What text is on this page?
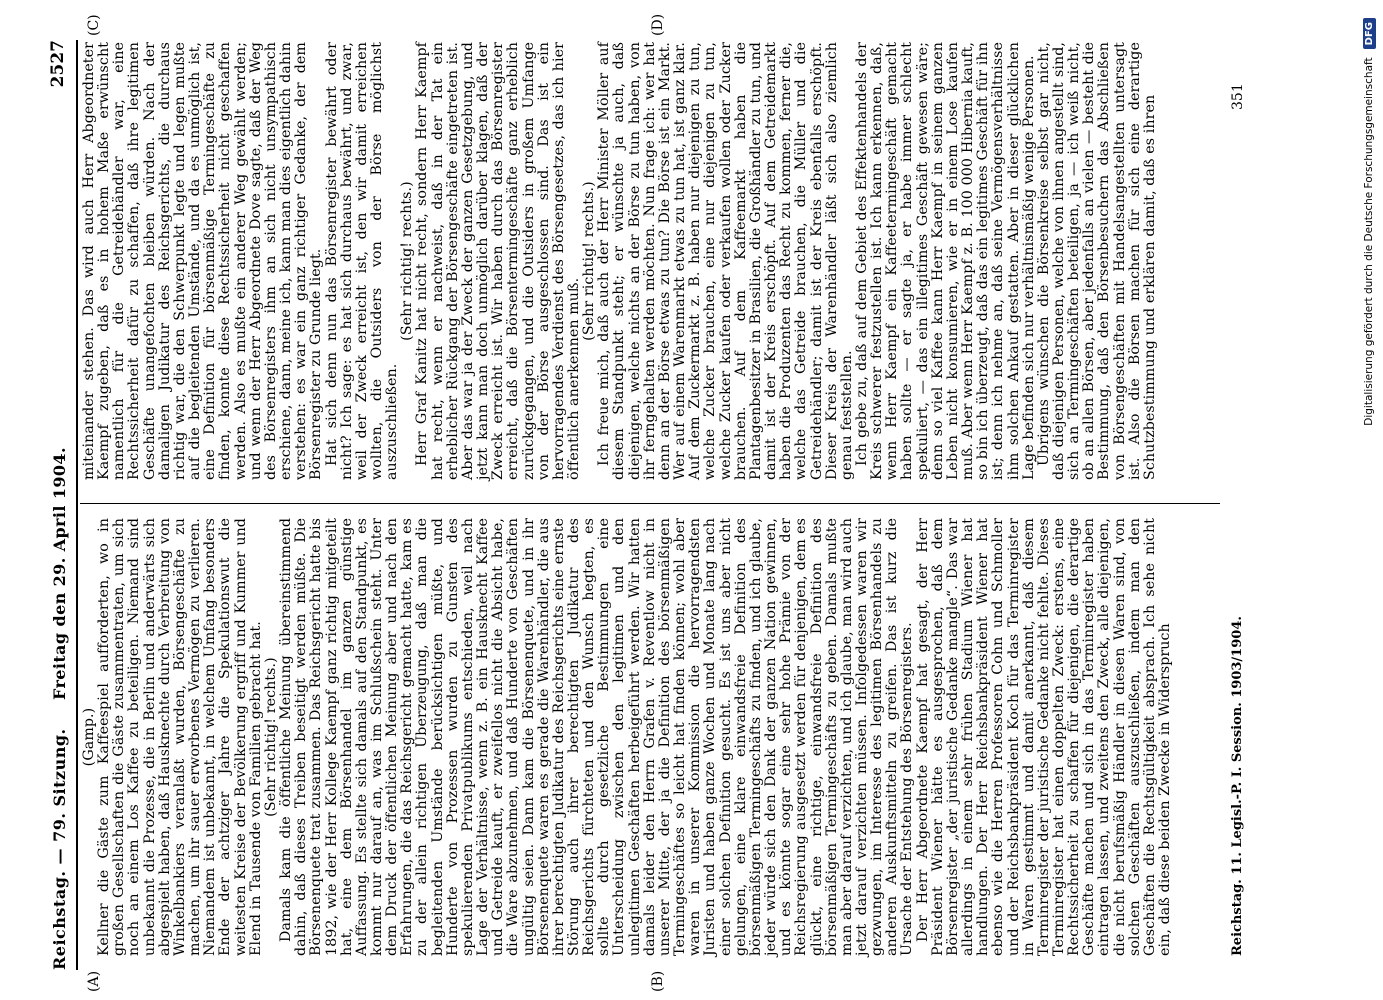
Reichstag. — 79. Sitzung.
Freitag den 29. April 1904.
2527
(A)	(B)
(C)	(D)

(Gamp.) Kellner die Gäste zum Kaffeespiel aufforderten, wo in großen Gesellschaften die Gäste zusammentraten, um sich noch an einem Los Kaffee zu beteiligen. Niemand sind unbekannt die Prozesse, die in Berlin und anderwärts sich abgespielt haben, daß Hausknechte durch Verbreitung von Winkelbankiers veranlaßt wurden, Börsengeschäfte zu machen, um ihr sauer erworbenes Vermögen zu verlieren. Niemandem ist unbekannt, in welchem Umfang besonders Ende der achtziger Jahre die Spekulationswut die weitesten Kreise der Bevölkerung ergriff und Kummer und Elend in Tausende von Familien gebracht hat. (Sehr richtig! rechts.) Damals kam die öffentliche Meinung übereinstimmend dahin, daß dieses Treiben beseitigt werden müßte. Die Börsenenquete trat zusammen. Das Reichsgericht hatte bis 1892, wie der Herr Kollege Kaempf ganz richtig mitgeteilt hat, eine dem Börsenhandel im ganzen günstige Auffassung. Es stellte sich damals auf den Standpunkt, es kommt nur darauf an, was im Schlußschein steht. Unter dem Druck der öffentlichen Meinung aber und nach den Erfahrungen, die das Reichsgericht gemacht hatte, kam es zu der allein richtigen Überzeugung, daß man die begleitenden Umstände berücksichtigen müßte, und Hunderte von Prozessen wurden zu Gunsten des spekulierenden Privatpublikums entschieden, weil nach Lage der Verhältnisse, wenn z. B. ein Hausknecht Kaffee und Getreide kauft, er zweifellos nicht die Absicht habe, die Ware abzunehmen, und daß Hunderte von Geschäften ungültig seien. Dann kam die Börsenenquete, und in ihr Börsenenquete waren es gerade die Warenhändler, die aus ihrer berechtigten Judikatur des Reichsgerichts eine ernste Störung auch ihrer berechtigten Judikatur des Reichsgerichts fürchteten und den Wunsch hegten, es sollte durch gesetzliche Bestimmungen eine Unterscheidung zwischen den legitimen und den unlegitimen Geschäften herbeigeführt werden. Wir hatten damals leider den Herrn Grafen v. Reventlow nicht in unserer Mitte, der ja die Definition des börsenmäßigen Termingeschäftes so leicht hat finden können; wohl aber waren in unserer Kommission die hervorragendsten Juristen und haben ganze Wochen und Monate lang nach einer solchen Definition gesucht. Es ist uns aber nicht gelungen, eine klare einwandsfreie Definition des börsenmäßigen Termingeschäfts zu finden, und ich glaube, jeder würde sich den Dank der ganzen Nation gewinnen, und es könnte sogar eine sehr hohe Prämie von der Reichsregierung ausgesetzt werden für denjenigen, dem es glückt, eine richtige, einwandsfreie Definition des börsenmäßigen Termingeschäfts zu geben. Damals mußte man aber darauf verzichten, und ich glaube, man wird auch jetzt darauf verzichten müssen. Infolgedessen waren wir gezwungen, im Interesse des legitimen Börsenhandels zu anderen Auskunftsmitteln zu greifen. Das ist kurz die Ursache der Entstehung des Börsenregisters. Der Herr Abgeordnete Kaempf hat gesagt, der Herr Präsident Wiener hätte es ausgesprochen, daß dem Börsenregister „der juristische Gedanke mangle“. Das war allerdings in einem sehr frühen Stadium Wiener hat handlungen. Der Herr Reichsbankpräsident Wiener hat ebenso wie die Herren Professoren Cohn und Schmoller und der Reichsbankpräsident Koch für das Terminregister in Waren gestimmt und damit anerkannt, daß diesem Terminregister der juristische Gedanke nicht fehlte. Dieses Terminregister hat einen doppelten Zweck: erstens, eine Rechtssicherheit zu schaffen für diejenigen, die derartige Geschäfte machen und sich in das Terminregister haben eintragen lassen, und zweitens den Zweck, alle diejenigen, die nicht berufsmäßig Händler in diesen Waren sind, von solchen Geschäften auszuschließen, indem man den Geschäften die Rechtsgültigkeit absprach. Ich sehe nicht ein, daß diese beiden Zwecke in Widerspruch

miteinander stehen. Das wird auch Herr Abgeordneter Kaempf zugeben, daß es in hohem Maße erwünscht namentlich für die Getreidehändler war, eine Rechtssicherheit dafür zu schaffen, daß ihre legitimen Geschäfte unangefochten bleiben würden. Nach der damaligen Judikatur des Reichsgerichts, die durchaus richtig war, die den Schwerpunkt legte und legen mußte auf die begleitenden Umstände, und da es unmöglich ist, eine Definition für börsenmäßige Termingeschäfte zu finden, konnte diese Rechtssicherheit nicht geschaffen werden. Also es mußte ein anderer Weg gewählt werden; und wenn der Herr Abgeordnete Dove sagte, daß der Weg des Börsenregisters ihm an sich nicht unsympathisch erschiene, dann, meine ich, kann man dies eigentlich dahin verstehen: es war ein ganz richtiger Gedanke, der dem Börsenregister zu Grunde liegt. Hat sich denn nun das Börsenregister bewährt oder nicht? Ich sage: es hat sich durchaus bewährt, und zwar, weil der Zweck erreicht ist, den wir damit erreichen wollten, die Outsiders von der Börse möglichst auszuschließen.

(Sehr richtig! rechts.) Herr Graf Kanitz hat nicht recht, sondern Herr Kaempf hat recht, wenn er nachweist, daß in der Tat ein erheblicher Rückgang der Börsengeschäfte eingetreten ist. Aber das war ja der Zweck der ganzen Gesetzgebung, und jetzt kann man doch unmöglich darüber klagen, daß der Zweck erreicht ist. Wir haben durch das Börsenregister erreicht, daß die Börsentermingeschäfte ganz erheblich zurückgegangen, und die Outsiders in großem Umfange von der Börse ausgeschlossen sind. Das ist ein hervorragendes Verdienst des Börsengesetzes, das ich hier öffentlich anerkennen muß.

(Sehr richtig! rechts.) Ich freue mich, daß auch der Herr Minister Möller auf diesem Standpunkt steht; er wünschte ja auch, daß diejenigen, welche nichts an der Börse zu tun haben, von ihr ferngehalten werden möchten. Nun frage ich: wer hat denn an der Börse etwas zu tun? Die Börse ist ein Markt. Wer auf einem Warenmarkt etwas zu tun hat, ist ganz klar. Auf dem Zuckermarkt z. B. haben nur diejenigen zu tun, welche Zucker brauchen, eine nur diejenigen zu tun, welche Zucker kaufen oder verkaufen wollen oder Zucker brauchen. Auf dem Kaffeemarkt haben die Plantagenbesitzer in Brasilien, die Großhändler zu tun, und damit ist der Kreis erschöpft. Auf dem Getreidemarkt haben die Produzenten das Recht zu kommen, ferner die, welche das Getreide brauchen, die Müller und die Getreidehändler; damit ist der Kreis ebenfalls erschöpft. Dieser Kreis der Warenhändler läßt sich also ziemlich genau feststellen. Ich gebe zu, daß auf dem Gebiet des Effektenhandels der Kreis schwerer festzustellen ist. Ich kann erkennen, daß, wenn Herr Kaempf ein Kaffeetermingeschäft gemacht haben sollte — er sagte ja, er habe immer schlecht spekuliert, — das ein illegitimes Geschäft gewesen wäre; denn so viel Kaffee kann Herr Kaempf in seinem ganzen Leben nicht konsumieren, wie er in einem Lose kaufen muß. Aber wenn Herr Kaempf z. B. 100 000 Hibernia kauft, so bin ich überzeugt, daß das ein legitimes Geschäft für ihn ist; denn ich nehme an, daß seine Vermögensverhältnisse ihm solchen Ankauf gestatten. Aber in dieser glücklichen Lage befinden sich nur verhältnismäßig wenige Personen. Übrigens wünschen die Börsenkreise selbst gar nicht, daß diejenigen Personen, welche von ihnen angestellt sind, sich an Termingeschäften beteiligen, ja — ich weiß nicht, ob an allen Börsen, aber jedenfalls an vielen — besteht die Bestimmung, daß den Börsenbesuchern das Abschließen von Börsengeschäften mit Handelsangestellten untersagt ist. Also die Börsen machen für sich eine derartige Schutzbestimmung und erklären damit, daß es ihren

Reichstag. 11. Legisl.-P. I. Session. 1903/1904.
351	Digitalisierung gefördert durch die Deutsche Forschungsgemeinschaft
DFG
